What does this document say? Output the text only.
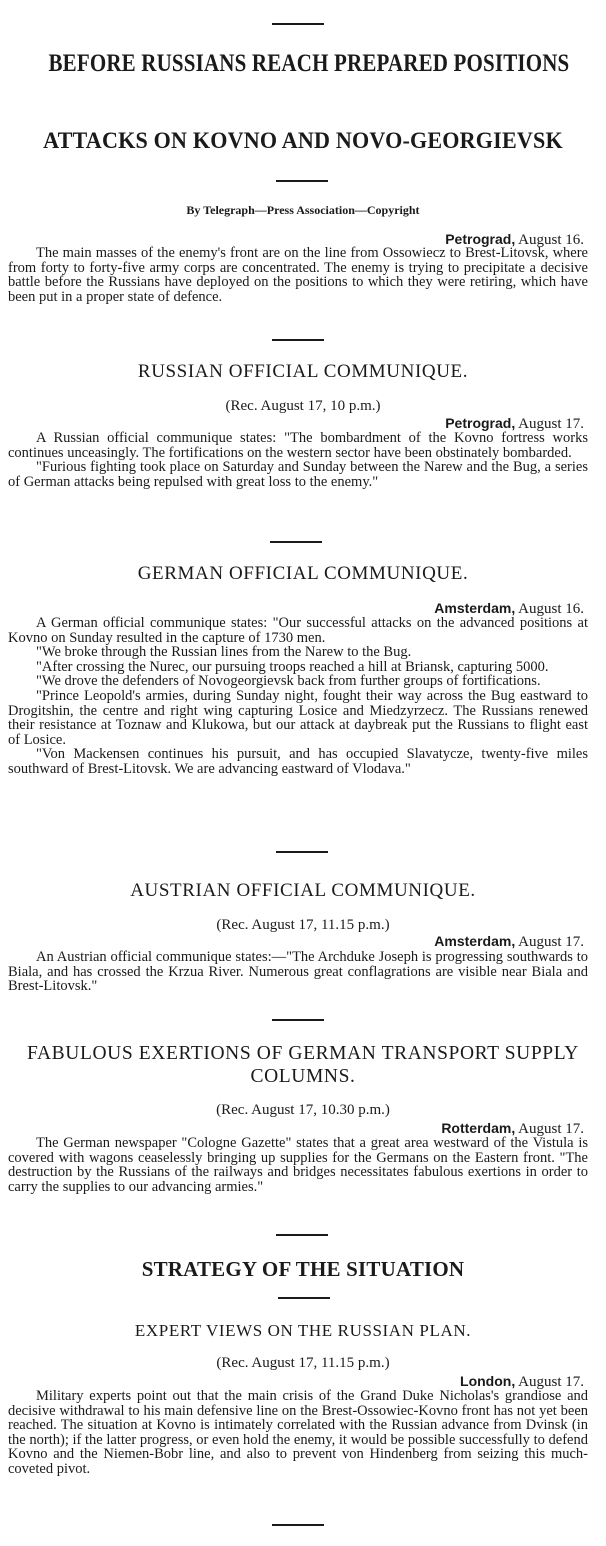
BEFORE RUSSIANS REACH PREPARED POSITIONS
ATTACKS ON KOVNO AND NOVO-GEORGIEVSK
By Telegraph—Press Association—Copyright
Petrograd, August 16.

The main masses of the enemy's front are on the line from Ossowiecz to Brest-Litovsk, where from forty to forty-five army corps are concentrated. The enemy is trying to precipitate a decisive battle before the Russians have deployed on the positions to which they were retiring, which have been put in a proper state of defence.

RUSSIAN OFFICIAL COMMUNIQUE.
(Rec. August 17, 10 p.m.)
Petrograd, August 17.

A Russian official communique states: "The bombardment of the Kovno fortress works continues unceasingly. The fortifications on the western sector have been obstinately bombarded.

"Furious fighting took place on Saturday and Sunday between the Narew and the Bug, a series of German attacks being repulsed with great loss to the enemy."

GERMAN OFFICIAL COMMUNIQUE.
Amsterdam, August 16.

A German official communique states: "Our successful attacks on the advanced positions at Kovno on Sunday resulted in the capture of 1730 men.

"We broke through the Russian lines from the Narew to the Bug.

"After crossing the Nurec, our pursuing troops reached a hill at Briansk, capturing 5000.

"We drove the defenders of Novogeorgievsk back from further groups of fortifications.

"Prince Leopold's armies, during Sunday night, fought their way across the Bug eastward to Drogitshin, the centre and right wing capturing Losice and Miedzyrzecz. The Russians renewed their resistance at Toznaw and Klukowa, but our attack at daybreak put the Russians to flight east of Losice.

"Von Mackensen continues his pursuit, and has occupied Slavatycze, twenty-five miles southward of Brest-Litovsk. We are advancing eastward of Vlodava."

AUSTRIAN OFFICIAL COMMUNIQUE.
(Rec. August 17, 11.15 p.m.)
Amsterdam, August 17.

An Austrian official communique states:—"The Archduke Joseph is progressing southwards to Biala, and has crossed the Krzua River. Numerous great conflagrations are visible near Biala and Brest-Litovsk."

FABULOUS EXERTIONS OF GERMAN TRANSPORT SUPPLY COLUMNS.
(Rec. August 17, 10.30 p.m.)
Rotterdam, August 17.

The German newspaper "Cologne Gazette" states that a great area westward of the Vistula is covered with wagons ceaselessly bringing up supplies for the Germans on the Eastern front. "The destruction by the Russians of the railways and bridges necessitates fabulous exertions in order to carry the supplies to our advancing armies."

STRATEGY OF THE SITUATION
EXPERT VIEWS ON THE RUSSIAN PLAN.
(Rec. August 17, 11.15 p.m.)
London, August 17.

Military experts point out that the main crisis of the Grand Duke Nicholas's grandiose and decisive withdrawal to his main defensive line on the Brest-Ossowiec-Kovno front has not yet been reached. The situation at Kovno is intimately correlated with the Russian advance from Dvinsk (in the north); if the latter progress, or even hold the enemy, it would be possible successfully to defend Kovno and the Niemen-Bobr line, and also to prevent von Hindenberg from seizing this much-coveted pivot.
